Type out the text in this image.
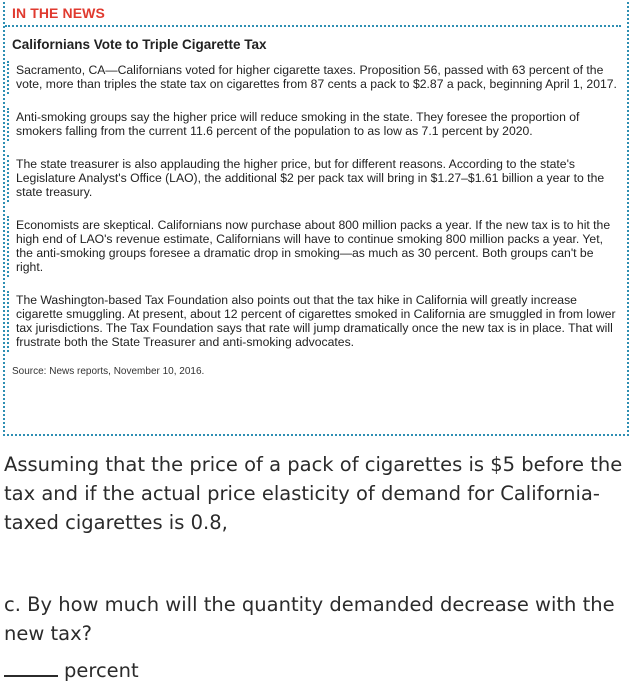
IN THE NEWS
Californians Vote to Triple Cigarette Tax
Sacramento, CA—Californians voted for higher cigarette taxes. Proposition 56, passed with 63 percent of the vote, more than triples the state tax on cigarettes from 87 cents a pack to $2.87 a pack, beginning April 1, 2017.
Anti-smoking groups say the higher price will reduce smoking in the state. They foresee the proportion of smokers falling from the current 11.6 percent of the population to as low as 7.1 percent by 2020.
The state treasurer is also applauding the higher price, but for different reasons. According to the state's Legislature Analyst's Office (LAO), the additional $2 per pack tax will bring in $1.27–$1.61 billion a year to the state treasury.
Economists are skeptical. Californians now purchase about 800 million packs a year. If the new tax is to hit the high end of LAO's revenue estimate, Californians will have to continue smoking 800 million packs a year. Yet, the anti-smoking groups foresee a dramatic drop in smoking—as much as 30 percent. Both groups can't be right.
The Washington-based Tax Foundation also points out that the tax hike in California will greatly increase cigarette smuggling. At present, about 12 percent of cigarettes smoked in California are smuggled in from lower tax jurisdictions. The Tax Foundation says that rate will jump dramatically once the new tax is in place. That will frustrate both the State Treasurer and anti-smoking advocates.
Source: News reports, November 10, 2016.
Assuming that the price of a pack of cigarettes is $5 before the tax and if the actual price elasticity of demand for California-taxed cigarettes is 0.8,
c. By how much will the quantity demanded decrease with the new tax?
percent
